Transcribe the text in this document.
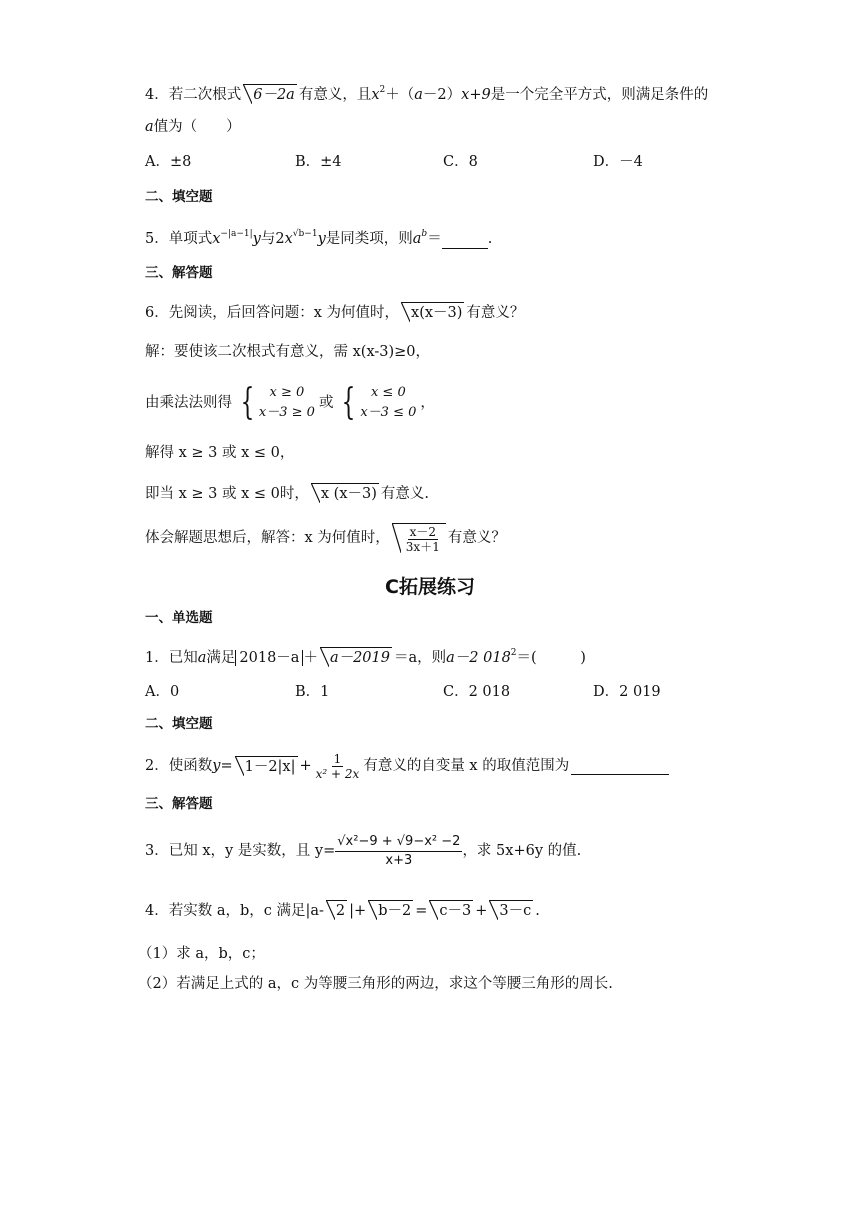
4．若二次根式 6－2a 有意义，且$x^2+(a-2)x+9$是一个完全平方式，则满足条件的
a值为（　　）
A．±8	B．±4	C．8	D．－4
二、填空题
5．单项式$x^{-|a-1|}y$与$2x^{√b-1}y$是同类项，则$a^b=$	.
三、解答题
6．先阅读，后回答问题：x 为何值时， x(x－3) 有意义？
解：要使该二次根式有意义，需 x(x-3)≥0，
由乘法法则得 {	x ≥ 0
x－3 ≥ 0
或 {	x ≤ 0
x－3 ≤ 0
，
解得 x ≥ 3 或 x ≤ 0，
即当 x ≥ 3 或 x ≤ 0时， x (x－3) 有意义.
体会解题思想后，解答：x 为何值时， $\frac{x-2}{3x+1}$ 有意义？
C拓展练习
一、单选题
1．已知a满足 2018－a ＋ a－2019 ＝a，则a－2 $018^2=$(　　　)
A．0	B．1	C．2 018	D．2 019
二、填空题
2．使函数 $y = 1-2|x| + \frac{1}{\text{x² + 2x}}$ 有意义的自变量 x 的取值范围为
三、解答题
3．已知 x，y 是实数，且 $y= \frac{\text{√x²−9 + √9−x² −2}}{x+3}$ ，求 5x+6y 的值.
4．若实数 a，b，c 满足|a- 2 |+ b－2 = c－3 + 3－c .
（1）求 a，b，c；
（2）若满足上式的 a，c 为等腰三角形的两边，求这个等腰三角形的周长.
